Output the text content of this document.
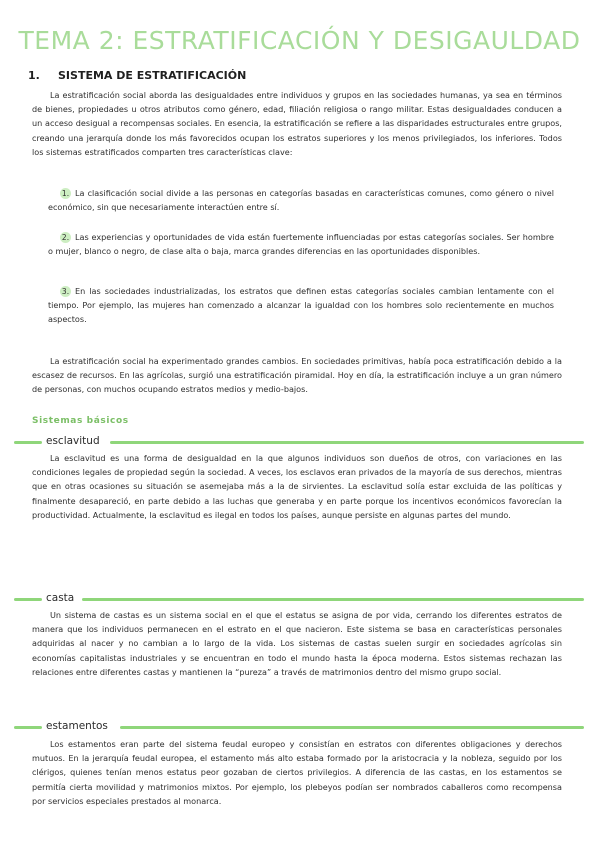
TEMA 2: ESTRATIFICACIÓN Y DESIGAULDAD
1. SISTEMA DE ESTRATIFICACIÓN
La estratificación social aborda las desigualdades entre individuos y grupos en las sociedades humanas, ya sea en términos de bienes, propiedades u otros atributos como género, edad, filiación religiosa o rango militar. Estas desigualdades conducen a un acceso desigual a recompensas sociales. En esencia, la estratificación se refiere a las disparidades estructurales entre grupos, creando una jerarquía donde los más favorecidos ocupan los estratos superiores y los menos privilegiados, los inferiores. Todos los sistemas estratificados comparten tres características clave:
1. La clasificación social divide a las personas en categorías basadas en características comunes, como género o nivel económico, sin que necesariamente interactúen entre sí.
2. Las experiencias y oportunidades de vida están fuertemente influenciadas por estas categorías sociales. Ser hombre o mujer, blanco o negro, de clase alta o baja, marca grandes diferencias en las oportunidades disponibles.
3. En las sociedades industrializadas, los estratos que definen estas categorías sociales cambian lentamente con el tiempo. Por ejemplo, las mujeres han comenzado a alcanzar la igualdad con los hombres solo recientemente en muchos aspectos.
La estratificación social ha experimentado grandes cambios. En sociedades primitivas, había poca estratificación debido a la escasez de recursos. En las agrícolas, surgió una estratificación piramidal. Hoy en día, la estratificación incluye a un gran número de personas, con muchos ocupando estratos medios y medio-bajos.
Sistemas básicos
esclavitud
La esclavitud es una forma de desigualdad en la que algunos individuos son dueños de otros, con variaciones en las condiciones legales de propiedad según la sociedad. A veces, los esclavos eran privados de la mayoría de sus derechos, mientras que en otras ocasiones su situación se asemejaba más a la de sirvientes. La esclavitud solía estar excluida de las políticas y finalmente desapareció, en parte debido a las luchas que generaba y en parte porque los incentivos económicos favorecían la productividad. Actualmente, la esclavitud es ilegal en todos los países, aunque persiste en algunas partes del mundo.
casta
Un sistema de castas es un sistema social en el que el estatus se asigna de por vida, cerrando los diferentes estratos de manera que los individuos permanecen en el estrato en el que nacieron. Este sistema se basa en características personales adquiridas al nacer y no cambian a lo largo de la vida. Los sistemas de castas suelen surgir en sociedades agrícolas sin economías capitalistas industriales y se encuentran en todo el mundo hasta la época moderna. Estos sistemas rechazan las relaciones entre diferentes castas y mantienen la “pureza” a través de matrimonios dentro del mismo grupo social.
estamentos
Los estamentos eran parte del sistema feudal europeo y consistían en estratos con diferentes obligaciones y derechos mutuos. En la jerarquía feudal europea, el estamento más alto estaba formado por la aristocracia y la nobleza, seguido por los clérigos, quienes tenían menos estatus peor gozaban de ciertos privilegios. A diferencia de las castas, en los estamentos se permitía cierta movilidad y matrimonios mixtos. Por ejemplo, los plebeyos podían ser nombrados caballeros como recompensa por servicios especiales prestados al monarca.
